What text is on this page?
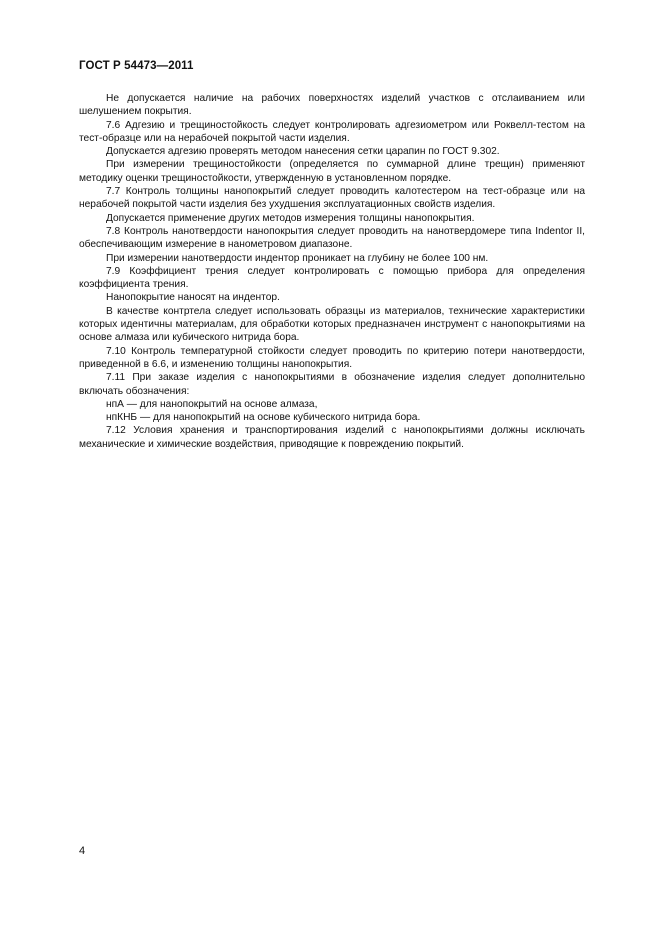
ГОСТ Р 54473—2011

Не допускается наличие на рабочих поверхностях изделий участков с отслаиванием или шелушением покрытия.

7.6 Адгезию и трещиностойкость следует контролировать адгезиометром или Роквелл-тестом на тест-образце или на нерабочей покрытой части изделия.

Допускается адгезию проверять методом нанесения сетки царапин по ГОСТ 9.302.

При измерении трещиностойкости (определяется по суммарной длине трещин) применяют методику оценки трещиностойкости, утвержденную в установленном порядке.

7.7 Контроль толщины нанопокрытий следует проводить калотестером на тест-образце или на нерабочей покрытой части изделия без ухудшения эксплуатационных свойств изделия.

Допускается применение других методов измерения толщины нанопокрытия.

7.8 Контроль нанотвердости нанопокрытия следует проводить на нанотвердомере типа Indentor II, обеспечивающим измерение в нанометровом диапазоне.

При измерении нанотвердости индентор проникает на глубину не более 100 нм.

7.9 Коэффициент трения следует контролировать с помощью прибора для определения коэффициента трения.

Нанопокрытие наносят на индентор.

В качестве контртела следует использовать образцы из материалов, технические характеристики которых идентичны материалам, для обработки которых предназначен инструмент с нанопокрытиями на основе алмаза или кубического нитрида бора.

7.10 Контроль температурной стойкости следует проводить по критерию потери нанотвердости, приведенной в 6.6, и изменению толщины нанопокрытия.

7.11 При заказе изделия с нанопокрытиями в обозначение изделия следует дополнительно включать обозначения:

нпА — для нанопокрытий на основе алмаза,

нпКНБ — для нанопокрытий на основе кубического нитрида бора.

7.12 Условия хранения и транспортирования изделий с нанопокрытиями должны исключать механические и химические воздействия, приводящие к повреждению покрытий.

4
